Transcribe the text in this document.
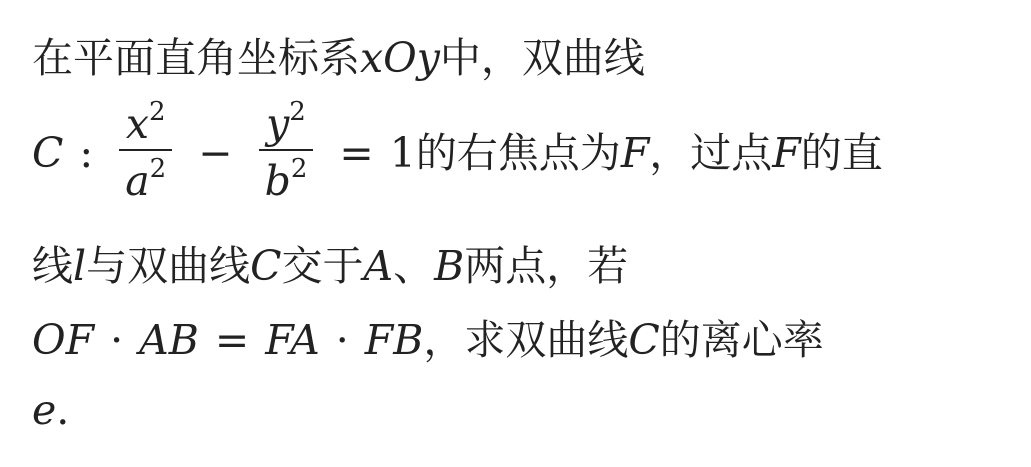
在平面直角坐标系 xOy 中，双曲线
C : $\frac{x^2}{a^2} - \frac{y^2}{b^2} = 1$ 的右焦点为 F ，过点 F 的直
线 l 与双曲线 C 交于 A 、 B 两点，若
OF · AB = FA · FB ，求双曲线 C 的离心率
e .
